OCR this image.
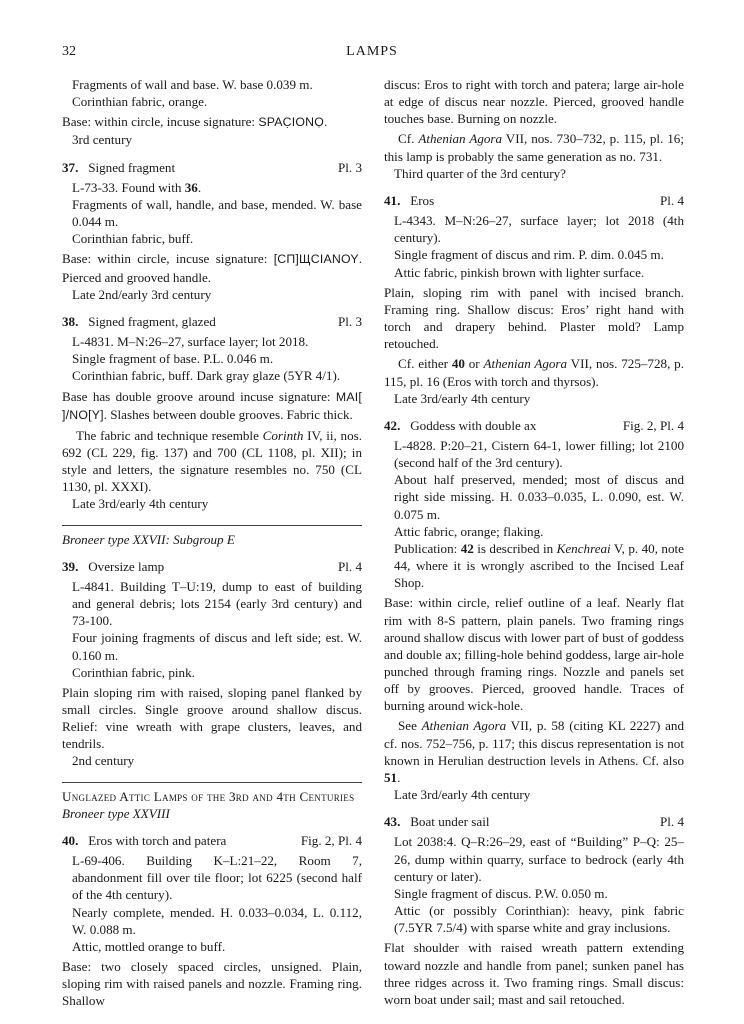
32	LAMPS
Fragments of wall and base. W. base 0.039 m.
Corinthian fabric, orange.
Base: within circle, incuse signature: SPAC̣IONỌ.
3rd century
37. Signed fragment	Pl. 3
L-73-33. Found with 36.
Fragments of wall, handle, and base, mended. W. base 0.044 m.
Corinthian fabric, buff.
Base: within circle, incuse signature: [СП]ЩСΙΑΝΟΥ. Pierced and grooved handle.
Late 2nd/early 3rd century
38. Signed fragment, glazed	Pl. 3
L-4831. M–N:26–27, surface layer; lot 2018.
Single fragment of base. P.L. 0.046 m.
Corinthian fabric, buff. Dark gray glaze (5YR 4/1).
Base has double groove around incuse signature: MAΙ[ ]/NO[Y]. Slashes between double grooves. Fabric thick.
The fabric and technique resemble Corinth IV, ii, nos. 692 (CL 229, fig. 137) and 700 (CL 1108, pl. XII); in style and letters, the signature resembles no. 750 (CL 1130, pl. XXXI).
Late 3rd/early 4th century
Broneer type XXVII: Subgroup E
39. Oversize lamp	Pl. 4
L-4841. Building T–U:19, dump to east of building and general debris; lots 2154 (early 3rd century) and 73-100.
Four joining fragments of discus and left side; est. W. 0.160 m.
Corinthian fabric, pink.
Plain sloping rim with raised, sloping panel flanked by small circles. Single groove around shallow discus. Relief: vine wreath with grape clusters, leaves, and tendrils.
2nd century
Unglazed Attic Lamps of the 3rd and 4th Centuries
Broneer type XXVIII
40. Eros with torch and patera	Fig. 2, Pl. 4
L-69-406. Building K–L:21–22, Room 7, abandonment fill over tile floor; lot 6225 (second half of the 4th century).
Nearly complete, mended. H. 0.033–0.034, L. 0.112, W. 0.088 m.
Attic, mottled orange to buff.
Base: two closely spaced circles, unsigned. Plain, sloping rim with raised panels and nozzle. Framing ring. Shallow
discus: Eros to right with torch and patera; large air-hole at edge of discus near nozzle. Pierced, grooved handle touches base. Burning on nozzle.
Cf. Athenian Agora VII, nos. 730–732, p. 115, pl. 16; this lamp is probably the same generation as no. 731.
Third quarter of the 3rd century?
41. Eros	Pl. 4
L-4343. M–N:26–27, surface layer; lot 2018 (4th century).
Single fragment of discus and rim. P. dim. 0.045 m.
Attic fabric, pinkish brown with lighter surface.
Plain, sloping rim with panel with incised branch. Framing ring. Shallow discus: Eros’ right hand with torch and drapery behind. Plaster mold? Lamp retouched.
Cf. either 40 or Athenian Agora VII, nos. 725–728, p. 115, pl. 16 (Eros with torch and thyrsos).
Late 3rd/early 4th century
42. Goddess with double ax	Fig. 2, Pl. 4
L-4828. P:20–21, Cistern 64-1, lower filling; lot 2100 (second half of the 3rd century).
About half preserved, mended; most of discus and right side missing. H. 0.033–0.035, L. 0.090, est. W. 0.075 m.
Attic fabric, orange; flaking.
Publication: 42 is described in Kenchreai V, p. 40, note 44, where it is wrongly ascribed to the Incised Leaf Shop.
Base: within circle, relief outline of a leaf. Nearly flat rim with 8-S pattern, plain panels. Two framing rings around shallow discus with lower part of bust of goddess and double ax; filling-hole behind goddess, large air-hole punched through framing rings. Nozzle and panels set off by grooves. Pierced, grooved handle. Traces of burning around wick-hole.
See Athenian Agora VII, p. 58 (citing KL 2227) and cf. nos. 752–756, p. 117; this discus representation is not known in Herulian destruction levels in Athens. Cf. also 51.
Late 3rd/early 4th century
43. Boat under sail	Pl. 4
Lot 2038:4. Q–R:26–29, east of “Building” P–Q: 25–26, dump within quarry, surface to bedrock (early 4th century or later).
Single fragment of discus. P.W. 0.050 m.
Attic (or possibly Corinthian): heavy, pink fabric (7.5YR 7.5/4) with sparse white and gray inclusions.
Flat shoulder with raised wreath pattern extending toward nozzle and handle from panel; sunken panel has three ridges across it. Two framing rings. Small discus: worn boat under sail; mast and sail retouched.
